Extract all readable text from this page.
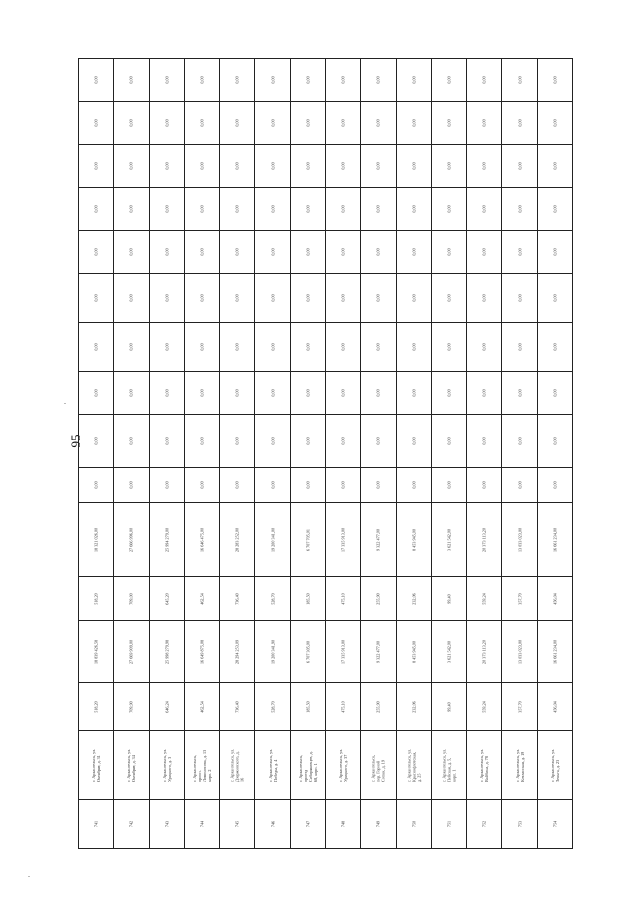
95
0,00	0,00	0,00	0,00	0,00	0,00	0,00	0,00	0,00	0,00	0,00	0,00	0,00	0,00

0,00	0,00	0,00	0,00	0,00	0,00	0,00	0,00	0,00	0,00	0,00	0,00	0,00	0,00

0,00	0,00	0,00	0,00	0,00	0,00	0,00	0,00	0,00	0,00	0,00	0,00	0,00	0,00

0,00	0,00	0,00	0,00	0,00	0,00	0,00	0,00	0,00	0,00	0,00	0,00	0,00	0,00

0,00	0,00	0,00	0,00	0,00	0,00	0,00	0,00	0,00	0,00	0,00	0,00	0,00	0,00

0,00	0,00	0,00	0,00	0,00	0,00	0,00	0,00	0,00	0,00	0,00	0,00	0,00	0,00

0,00	0,00	0,00	0,00	0,00	0,00	0,00	0,00	0,00	0,00	0,00	0,00	0,00	0,00

0,00	0,00	0,00	0,00	0,00	0,00	0,00	0,00	0,00	0,00	0,00	0,00	0,00	0,00

0,00	0,00	0,00	0,00	0,00	0,00	0,00	0,00	0,00	0,00	0,00	0,00	0,00	0,00

0,00	0,00	0,00	0,00	0,00	0,00	0,00	0,00	0,00	0,00	0,00	0,00	0,00	0,00

18 321 026,00	27 666 996,00	25 994 279,00	16 646 475,00	28 283 252,00	19 200 341,00	6 707 705,01	17 335 913,00	9 322 477,00	8 453 945,00	3 621 542,00	20 373 113,20	13 033 023,00	16 661 234,00

518,20	709,00	645,20	462,54	736,40	528,70	185,50	475,10	255,90	232,06	99,40	559,24	357,70	456,04

18 839 426,58	27 669 909,00	25 998 279,98	16 649 875,08	28 294 253,09	19 200 341,90	6 707 305,00	17 335 913,00	9 322 477,00	8 453 945,00	3 621 542,00	20 373 113,20	13 033 023,00	16 661 234,00

518,20	709,90	646,24	462,54	736,40	528,70	185,50	475,10	255,90	232,06	99,40	559,24	357,70	456,04

г. Архангельск, ул. Октябрят, д. 31	г. Архангельск, ул. Октябрят, д. 34	г. Архангельск, ул. Урицкого, д. 3	г. Архангельск, просп. Ломоносова, д. 13 корп. 2	г. Архангельск, ул. Дзержинского, д. 16	г. Архангельск, ул. Победы, д. 4	г. Архангельск, проезд Сибиряковцев, д. 68, корп. 1	г. Архангельск, ул. Урицкого, д. 37	г. Архангельск, пер. Горной Сопки, д. 19	г. Архангельск, ул. Краснофлотская, д. 25	г. Архангельск, ул. Пейская, д. 5, корп. 1	г. Архангельск, ул. Вайбина, д. 78	г. Архангельск, ул. Котласская, д. 19	г. Архангельск, ул. Зеньга, д. 23

741	742	743	744	745	746	747	748	749	750	751	752	753	754
